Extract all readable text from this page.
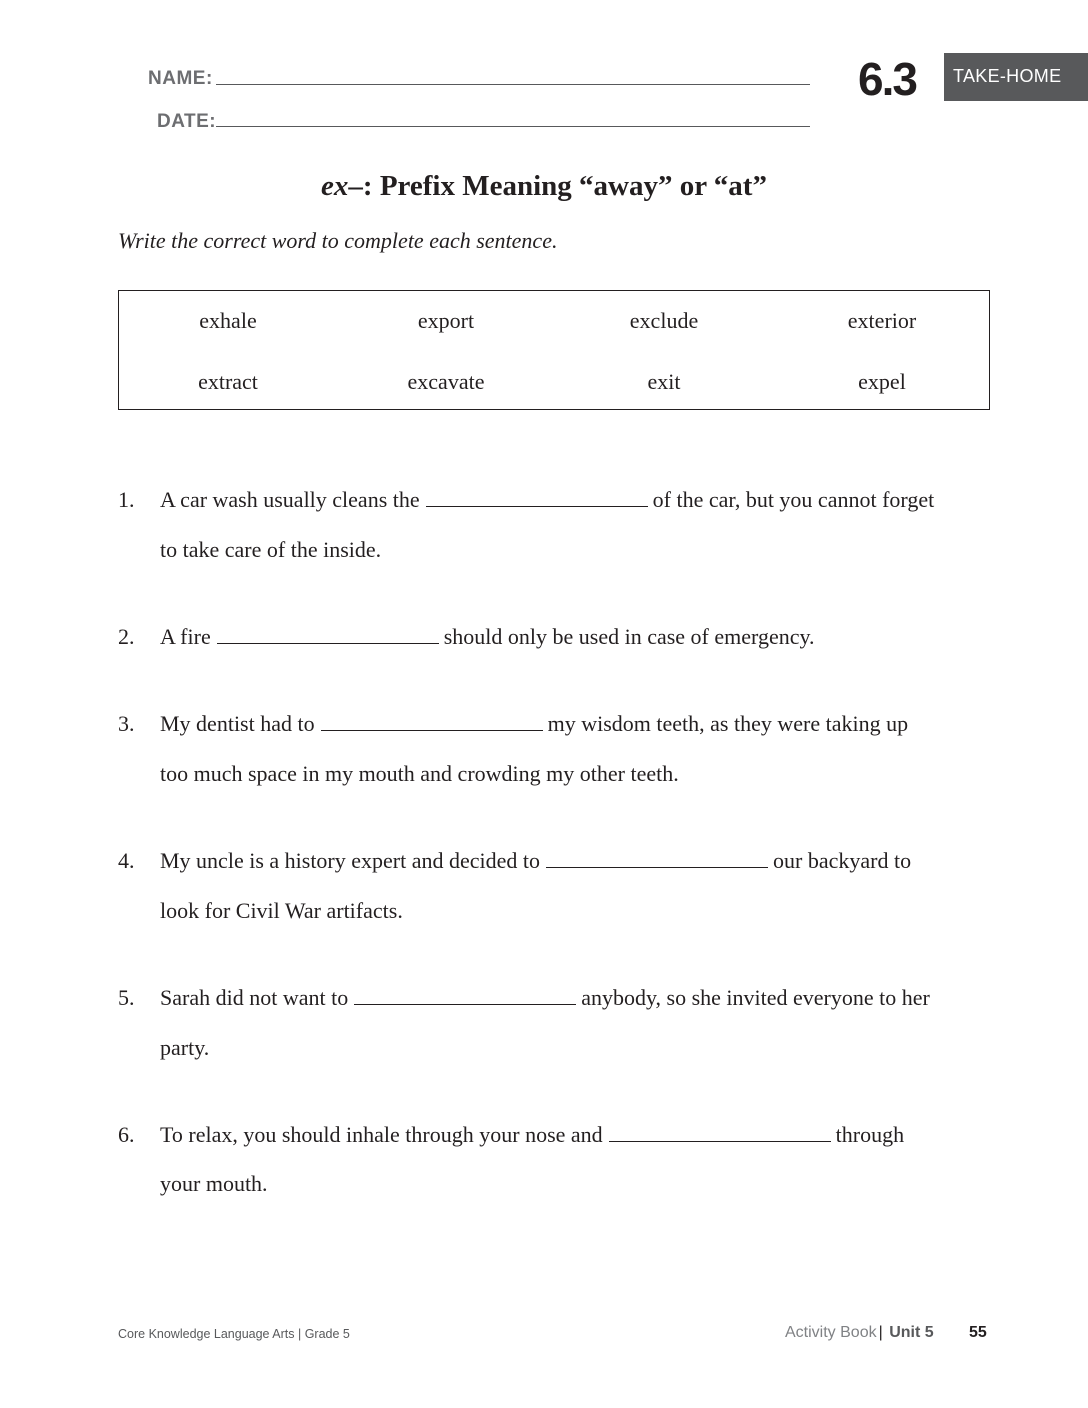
NAME:
DATE:
6.3 TAKE-HOME
ex–: Prefix Meaning “away” or “at”
Write the correct word to complete each sentence.
exhale	export	exclude	exterior
extract	excavate	exit	expel
1. A car wash usually cleans the	of the car, but you cannot forget
to take care of the inside.
2. A fire	should only be used in case of emergency.
3. My dentist had to	my wisdom teeth, as they were taking up
too much space in my mouth and crowding my other teeth.
4. My uncle is a history expert and decided to	our backyard to
look for Civil War artifacts.
5. Sarah did not want to	anybody, so she invited everyone to her
party.
6. To relax, you should inhale through your nose and	through
your mouth.
Core Knowledge Language Arts | Grade 5	Activity Book | Unit 5 55
